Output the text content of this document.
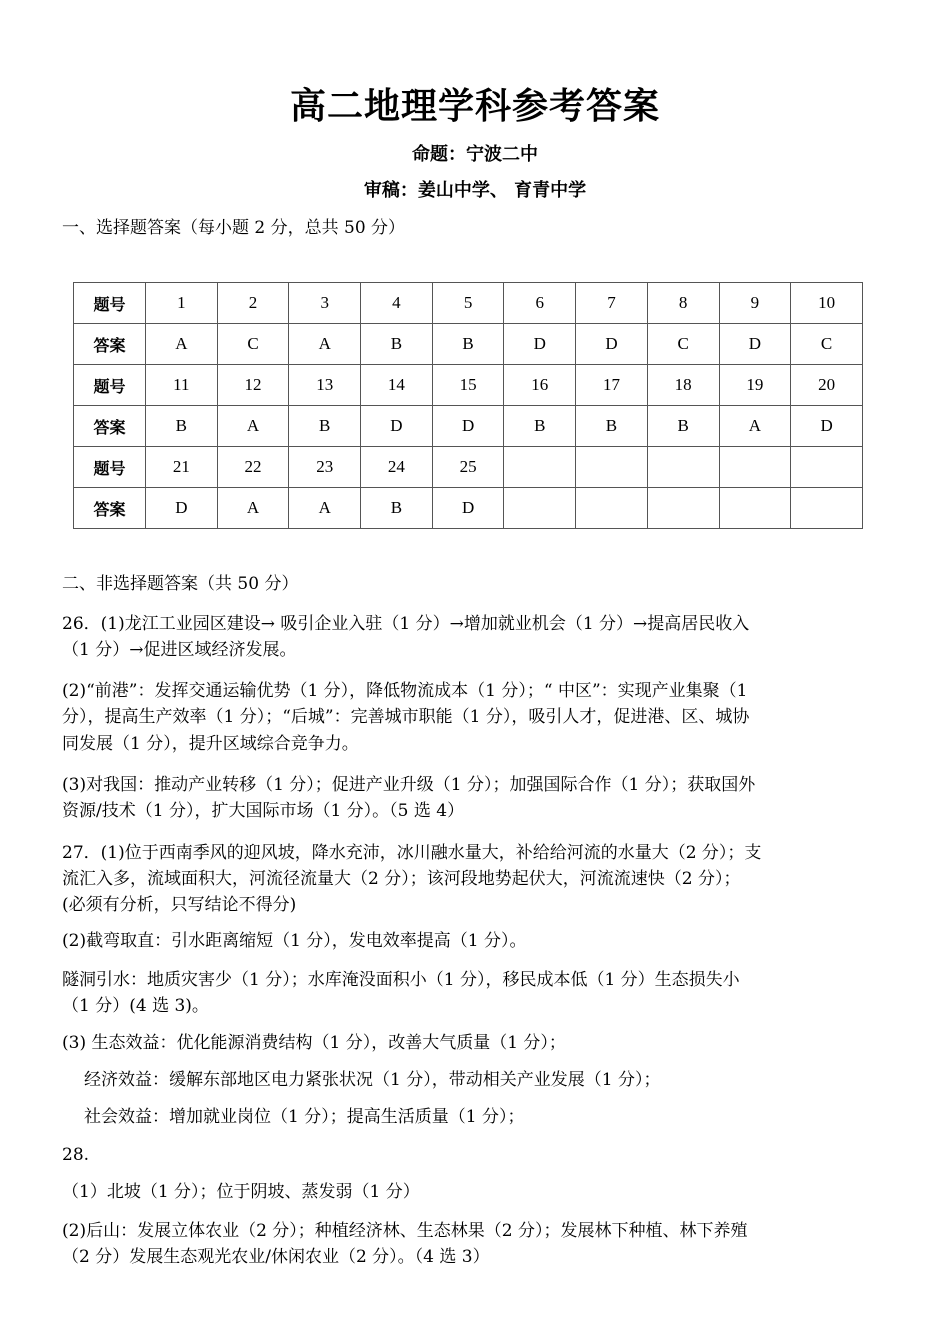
高二地理学科参考答案
命题：宁波二中
审稿：姜山中学、 育青中学
一、选择题答案（每小题 2 分，总共 50 分）
题号	1	2	3	4	5	6	7	8	9	10
答案	A	C	A	B	B	D	D	C	D	C
题号	11	12	13	14	15	16	17	18	19	20
答案	B	A	B	D	D	B	B	B	A	D
题号	21	22	23	24	25					
答案	D	A	A	B	D					
二、非选择题答案（共 50 分）
26．(1)龙江工业园区建设→ 吸引企业入驻（1 分）→增加就业机会（1 分）→提高居民收入
（1 分）→促进区域经济发展。
(2)“前港”：发挥交通运输优势（1 分），降低物流成本（1 分）；“ 中区”：实现产业集聚（1
分），提高生产效率（1 分）；“后城”：完善城市职能（1 分），吸引人才，促进港、区、城协
同发展（1 分），提升区域综合竞争力。
(3)对我国：推动产业转移（1 分）；促进产业升级（1 分）；加强国际合作（1 分）；获取国外
资源/技术（1 分），扩大国际市场（1 分）。（5 选 4）
27．(1)位于西南季风的迎风坡，降水充沛，冰川融水量大，补给给河流的水量大（2 分）；支
流汇入多，流域面积大，河流径流量大（2 分）；该河段地势起伏大，河流流速快（2 分）；
(必须有分析，只写结论不得分)
(2)截弯取直：引水距离缩短（1 分），发电效率提高（1 分）。
隧洞引水：地质灾害少（1 分）；水库淹没面积小（1 分），移民成本低（1 分）生态损失小
（1 分）(4 选 3)。
(3) 生态效益：优化能源消费结构（1 分），改善大气质量（1 分）；
经济效益：缓解东部地区电力紧张状况（1 分），带动相关产业发展（1 分）；
社会效益：增加就业岗位（1 分）；提高生活质量（1 分）；
28.
（1）北坡（1 分）；位于阴坡、蒸发弱（1 分）
(2)后山：发展立体农业（2 分）；种植经济林、生态林果（2 分）；发展林下种植、林下养殖
（2 分）发展生态观光农业/休闲农业（2 分）。（4 选 3）
